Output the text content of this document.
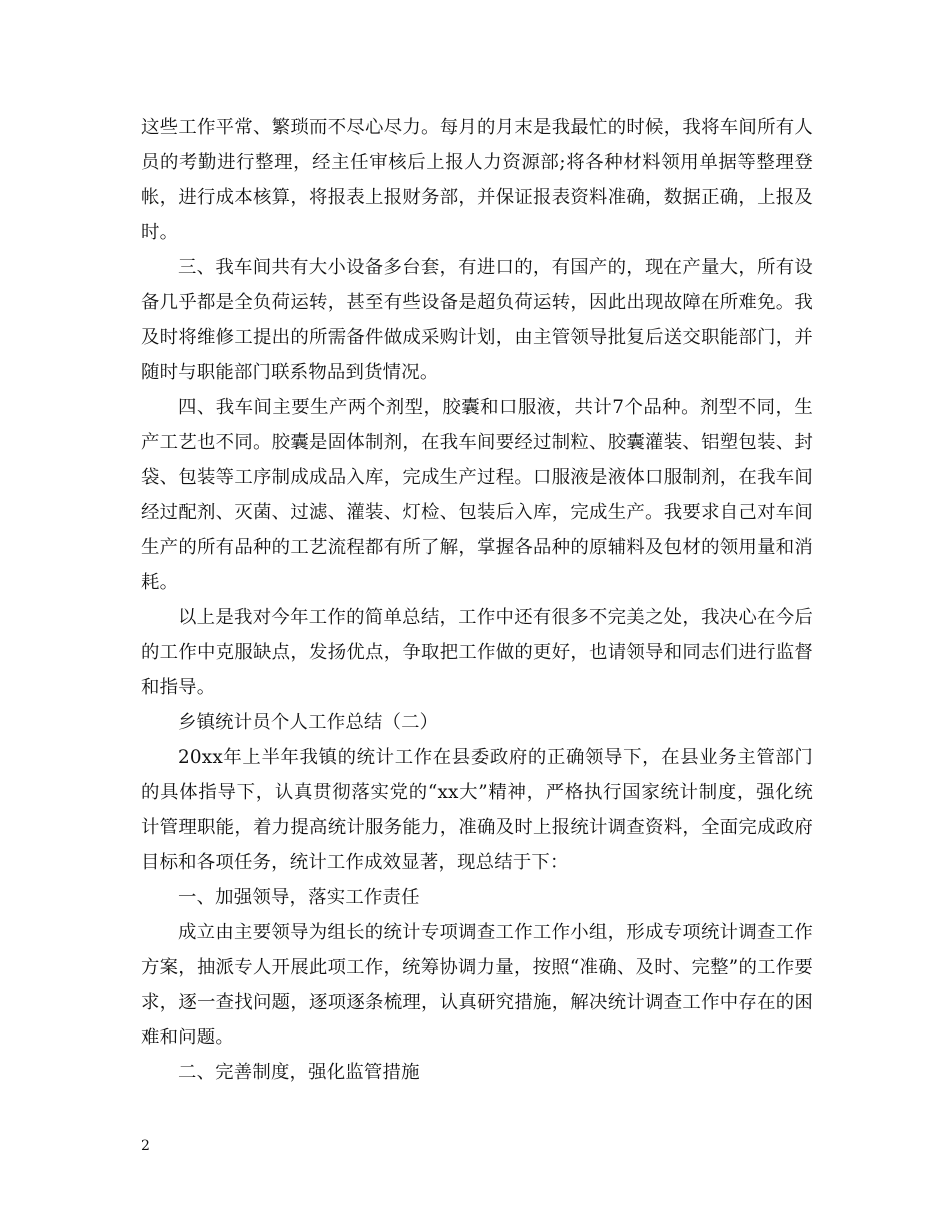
这些工作平常、繁琐而不尽心尽力。每月的月末是我最忙的时候，我将车间所有人员的考勤进行整理，经主任审核后上报人力资源部;将各种材料领用单据等整理登帐，进行成本核算，将报表上报财务部，并保证报表资料准确，数据正确，上报及时。

三、我车间共有大小设备多台套，有进口的，有国产的，现在产量大，所有设备几乎都是全负荷运转，甚至有些设备是超负荷运转，因此出现故障在所难免。我及时将维修工提出的所需备件做成采购计划，由主管领导批复后送交职能部门，并随时与职能部门联系物品到货情况。

四、我车间主要生产两个剂型，胶囊和口服液，共计7个品种。剂型不同，生产工艺也不同。胶囊是固体制剂，在我车间要经过制粒、胶囊灌装、铝塑包装、封袋、包装等工序制成成品入库，完成生产过程。口服液是液体口服制剂，在我车间经过配剂、灭菌、过滤、灌装、灯检、包装后入库，完成生产。我要求自己对车间生产的所有品种的工艺流程都有所了解，掌握各品种的原辅料及包材的领用量和消耗。

以上是我对今年工作的简单总结，工作中还有很多不完美之处，我决心在今后的工作中克服缺点，发扬优点，争取把工作做的更好，也请领导和同志们进行监督和指导。

乡镇统计员个人工作总结（二）

20xx年上半年我镇的统计工作在县委政府的正确领导下，在县业务主管部门的具体指导下，认真贯彻落实党的“xx大”精神，严格执行国家统计制度，强化统计管理职能，着力提高统计服务能力，准确及时上报统计调查资料，全面完成政府目标和各项任务，统计工作成效显著，现总结于下：

一、加强领导，落实工作责任

成立由主要领导为组长的统计专项调查工作工作小组，形成专项统计调查工作方案，抽派专人开展此项工作，统筹协调力量，按照“准确、及时、完整”的工作要求，逐一查找问题，逐项逐条梳理，认真研究措施，解决统计调查工作中存在的困难和问题。

二、完善制度，强化监管措施

2
